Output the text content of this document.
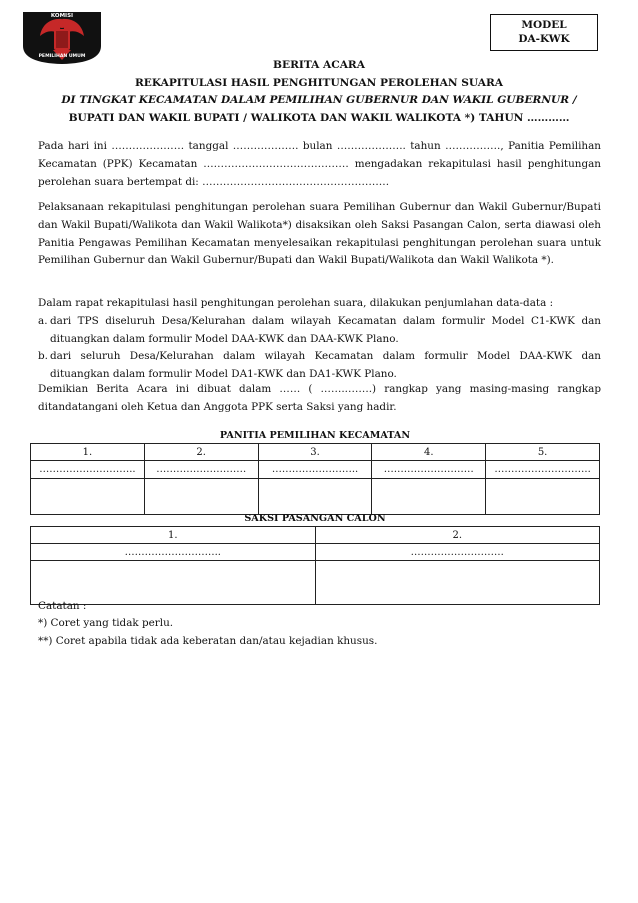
KOMISI
PEMILIHAN UMUM
MODEL
DA-KWK
BERITA ACARA
REKAPITULASI HASIL PENGHITUNGAN PEROLEHAN SUARA
DI TINGKAT KECAMATAN DALAM PEMILIHAN GUBERNUR DAN WAKIL GUBERNUR /
BUPATI DAN WAKIL BUPATI / WALIKOTA DAN WAKIL WALIKOTA *) TAHUN …………
Pada hari ini ………………… tanggal ………………. bulan ……………….. tahun ……………., Panitia Pemilihan Kecamatan (PPK) Kecamatan …………………………………… mengadakan rekapitulasi hasil penghitungan perolehan suara bertempat di: ………………………………………………
Pelaksanaan rekapitulasi penghitungan perolehan suara Pemilihan Gubernur dan Wakil Gubernur/Bupati dan Wakil Bupati/Walikota dan Wakil Walikota*) disaksikan oleh Saksi Pasangan Calon, serta diawasi oleh Panitia Pengawas Pemilihan Kecamatan menyelesaikan rekapitulasi penghitungan perolehan suara untuk Pemilihan Gubernur dan Wakil Gubernur/Bupati dan Wakil Bupati/Walikota dan Wakil Walikota *).
Dalam rapat rekapitulasi hasil penghitungan perolehan suara, dilakukan penjumlahan data-data :
a. dari TPS diseluruh Desa/Kelurahan dalam wilayah Kecamatan dalam formulir Model C1-KWK dan dituangkan dalam formulir Model DAA-KWK dan DAA-KWK Plano.
b. dari seluruh Desa/Kelurahan dalam wilayah Kecamatan dalam formulir Model DAA-KWK dan dituangkan dalam formulir Model DA1-KWK dan DA1-KWK Plano.
Demikian Berita Acara ini dibuat dalam …… ( ……..…….) rangkap yang masing-masing rangkap ditandatangani oleh Ketua dan Anggota PPK serta Saksi yang hadir.
PANITIA PEMILIHAN KECAMATAN
1.	2.	3.	4.	5.
………………………..	………………………	……………………..	………………………	………………………..

SAKSI PASANGAN CALON
1.	2.
………………………..	……………………….

Catatan :
*) Coret yang tidak perlu.
**) Coret apabila tidak ada keberatan dan/atau kejadian khusus.
